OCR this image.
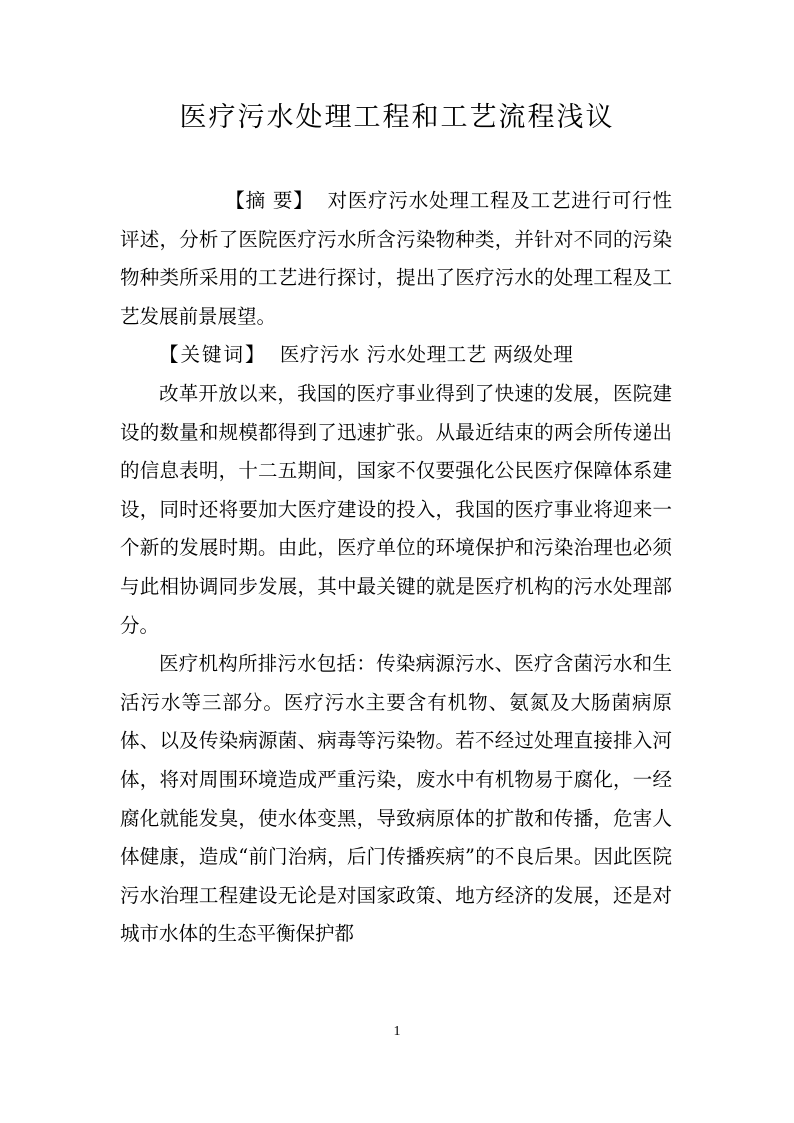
医疗污水处理工程和工艺流程浅议

【摘 要】 对医疗污水处理工程及工艺进行可行性评述，分析了医院医疗污水所含污染物种类，并针对不同的污染物种类所采用的工艺进行探讨，提出了医疗污水的处理工程及工艺发展前景展望。

【关键词】 医疗污水 污水处理工艺 两级处理

改革开放以来，我国的医疗事业得到了快速的发展，医院建设的数量和规模都得到了迅速扩张。从最近结束的两会所传递出的信息表明，十二五期间，国家不仅要强化公民医疗保障体系建设，同时还将要加大医疗建设的投入，我国的医疗事业将迎来一个新的发展时期。由此，医疗单位的环境保护和污染治理也必须与此相协调同步发展，其中最关键的就是医疗机构的污水处理部分。

医疗机构所排污水包括：传染病源污水、医疗含菌污水和生活污水等三部分。医疗污水主要含有机物、氨氮及大肠菌病原体、以及传染病源菌、病毒等污染物。若不经过处理直接排入河体，将对周围环境造成严重污染，废水中有机物易于腐化，一经腐化就能发臭，使水体变黑，导致病原体的扩散和传播，危害人体健康，造成“前门治病，后门传播疾病”的不良后果。因此医院污水治理工程建设无论是对国家政策、地方经济的发展，还是对城市水体的生态平衡保护都

1
